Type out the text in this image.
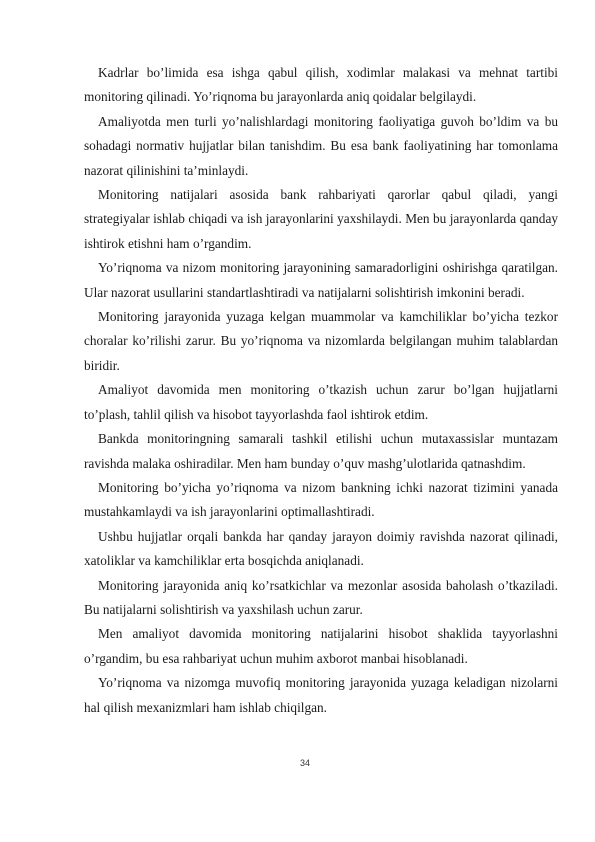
Kadrlar bo’limida esa ishga qabul qilish, xodimlar malakasi va mehnat tartibi monitoring qilinadi. Yo’riqnoma bu jarayonlarda aniq qoidalar belgilaydi.

Amaliyotda men turli yo’nalishlardagi monitoring faoliyatiga guvoh bo’ldim va bu sohadagi normativ hujjatlar bilan tanishdim. Bu esa bank faoliyatining har tomonlama nazorat qilinishini ta’minlaydi.

Monitoring natijalari asosida bank rahbariyati qarorlar qabul qiladi, yangi strategiyalar ishlab chiqadi va ish jarayonlarini yaxshilaydi. Men bu jarayonlarda qanday ishtirok etishni ham o’rgandim.

Yo’riqnoma va nizom monitoring jarayonining samaradorligini oshirishga qaratilgan. Ular nazorat usullarini standartlashtiradi va natijalarni solishtirish imkonini beradi.

Monitoring jarayonida yuzaga kelgan muammolar va kamchiliklar bo’yicha tezkor choralar ko’rilishi zarur. Bu yo’riqnoma va nizomlarda belgilangan muhim talablardan biridir.

Amaliyot davomida men monitoring o’tkazish uchun zarur bo’lgan hujjatlarni to’plash, tahlil qilish va hisobot tayyorlashda faol ishtirok etdim.

Bankda monitoringning samarali tashkil etilishi uchun mutaxassislar muntazam ravishda malaka oshiradilar. Men ham bunday o’quv mashg’ulotlarida qatnashdim.

Monitoring bo’yicha yo’riqnoma va nizom bankning ichki nazorat tizimini yanada mustahkamlaydi va ish jarayonlarini optimallashtiradi.

Ushbu hujjatlar orqali bankda har qanday jarayon doimiy ravishda nazorat qilinadi, xatoliklar va kamchiliklar erta bosqichda aniqlanadi.

Monitoring jarayonida aniq ko’rsatkichlar va mezonlar asosida baholash o’tkaziladi. Bu natijalarni solishtirish va yaxshilash uchun zarur.

Men amaliyot davomida monitoring natijalarini hisobot shaklida tayyorlashni o’rgandim, bu esa rahbariyat uchun muhim axborot manbai hisoblanadi.

Yo’riqnoma va nizomga muvofiq monitoring jarayonida yuzaga keladigan nizolarni hal qilish mexanizmlari ham ishlab chiqilgan.

34
